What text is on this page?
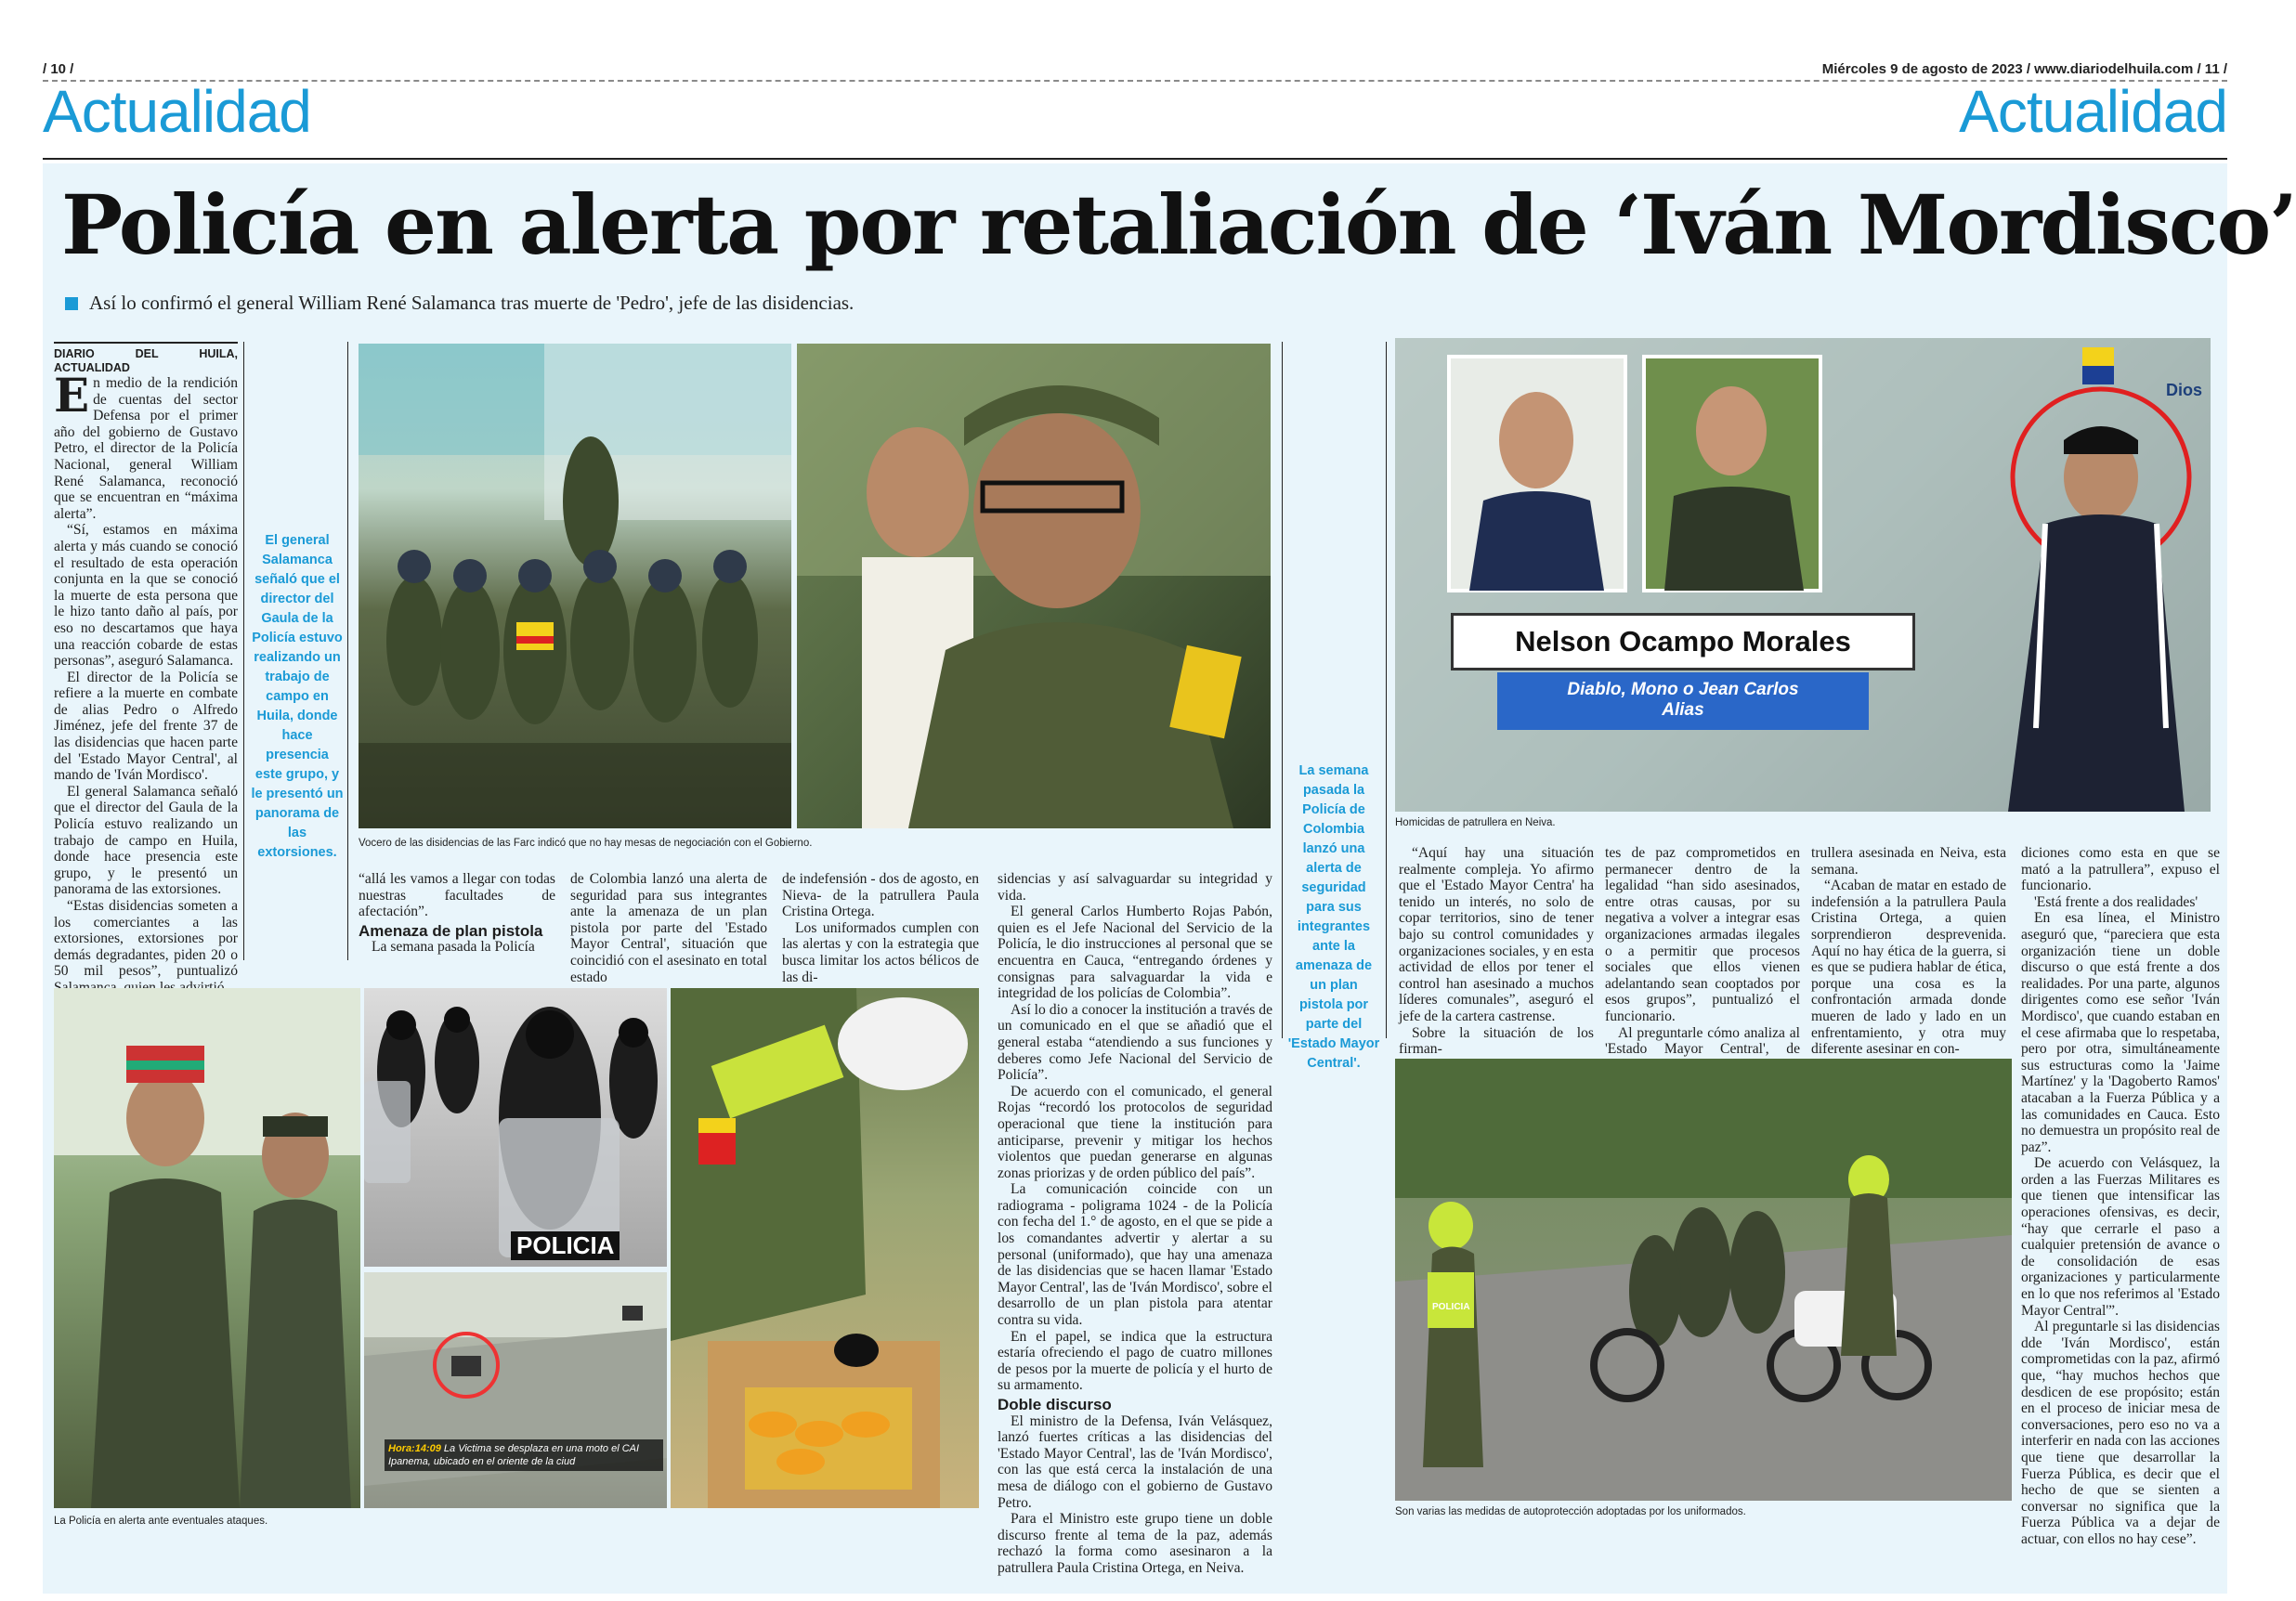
/ 10 /	Miércoles 9 de agosto de 2023 / www.diariodelhuila.com / 11 /
Actualidad	Actualidad
Policía en alerta por retaliación de ‘Iván Mordisco’
Así lo confirmó el general William René Salamanca tras muerte de 'Pedro', jefe de las disidencias.
DIARIO DEL HUILA, ACTUALIDAD

En medio de la rendición de cuentas del sector Defensa por el primer año del gobierno de Gustavo Petro, el director de la Policía Nacional, general William René Salamanca, reconoció que se encuentran en “máxima alerta”.

“Sí, estamos en máxima alerta y más cuando se conoció el resultado de esta operación conjunta en la que se conoció la muerte de esta persona que le hizo tanto daño al país, por eso no descartamos que haya una reacción cobarde de estas personas”, aseguró Salamanca.

El director de la Policía se refiere a la muerte en combate de alias Pedro o Alfredo Jiménez, jefe del frente 37 de las disidencias que hacen parte del 'Estado Mayor Central', al mando de 'Iván Mordisco'.

El general Salamanca señaló que el director del Gaula de la Policía estuvo realizando un trabajo de campo en Huila, donde hace presencia este grupo, y le presentó un panorama de las extorsiones.

“Estas disidencias someten a los comerciantes a las extorsiones, extorsiones por demás degradantes, piden 20 o 50 mil pesos”, puntualizó

El general Salamanca señaló que el director del Gaula de la Policía estuvo realizando un trabajo de campo en Huila, donde hace presencia este grupo, y le presentó un panorama de las extorsiones.
Vocero de las disidencias de las Farc indicó que no hay mesas de negociación con el Gobierno.

“allá les vamos a llegar con todas nuestras facultades de afectación”.

Amenaza de plan pistola

La semana pasada la Policía

de Colombia lanzó una alerta de seguridad para sus integrantes ante la amenaza de un plan pistola por parte del 'Estado Mayor Central', situación que coincidió con el asesinato en total estado

de indefensión - dos de agosto, en Nieva- de la patrullera Paula Cristina Ortega.

Los uniformados cumplen con las alertas y con la estrategia que busca limitar los actos bélicos de las di-

POLICIA
Hora:14:09 La Victima se desplaza en una moto el CAI Ipanema, ubicado en el oriente de la ciud
La Policía en alerta ante eventuales ataques.

sidencias y así salvaguardar su integridad y vida.

El general Carlos Humberto Rojas Pabón, quien es el Jefe Nacional del Servicio de la Policía, le dio instrucciones al personal que se encuentra en Cauca, “entregando órdenes y consignas para salvaguardar la vida e integridad de los policías de Colombia”.

Así lo dio a conocer la institución a través de un comunicado en el que se añadió que el general estaba “atendiendo a sus funciones y deberes como Jefe Nacional del Servicio de Policía”.

De acuerdo con el comunicado, el general Rojas “recordó los protocolos de seguridad operacional que tiene la institución para anticiparse, prevenir y mitigar los hechos violentos que puedan generarse en algunas zonas priorizas y de orden público del país”.

La comunicación coincide con un radiograma - poligrama 1024 - de la Policía con fecha del 1.° de agosto, en el que se pide a los comandantes advertir y alertar a su personal (uniformado), que hay una amenaza de las disidencias que se hacen llamar 'Estado Mayor Central', las de 'Iván Mordisco', sobre el desarrollo de un plan pistola para atentar contra su vida.

En el papel, se indica que la estructura estaría ofreciendo el pago de cuatro millones de pesos por la muerte de policía y el hurto de su armamento.

Doble discurso

El ministro de la Defensa, Iván Velásquez, lanzó fuertes críticas a las disidencias del 'Estado Mayor Central', las de 'Iván Mordisco', con las que está cerca la instalación de una mesa de diálogo con el gobierno de Gustavo Petro.

Para el Ministro este grupo tiene un doble discurso frente al tema de la paz, además rechazó la forma como asesinaron a la patrullera Paula Cristina Ortega, en Neiva.

La semana pasada la Policía de Colombia lanzó una alerta de seguridad para sus integrantes ante la amenaza de un plan pistola por parte del 'Estado Mayor Central'.
Nelson Ocampo Morales
Diablo, Mono o Jean Carlos
Alias
Dios
Homicidas de patrullera en Neiva.

“Aquí hay una situación realmente compleja. Yo afirmo que el 'Estado Mayor Centra' ha tenido un interés, no solo de copar territorios, sino de tener bajo su control comunidades y organizaciones sociales, y en esta actividad de ellos por tener el control han asesinado a muchos líderes comunales”, aseguró el jefe de la cartera castrense.

Sobre la situación de los firman-

tes de paz comprometidos en permanecer dentro de la legalidad “han sido asesinados, entre otras causas, por su negativa a volver a integrar esas organizaciones armadas ilegales o a permitir que procesos sociales que ellos vienen adelantando sean cooptados por esos grupos”, puntualizó el funcionario.

Al preguntarle cómo analiza al 'Estado Mayor Central', de

trullera asesinada en Neiva, esta semana.

“Acaban de matar en estado de indefensión a la patrullera Paula Cristina Ortega, a quien sorprendieron desprevenida. Aquí no hay ética de la guerra, si es que se pudiera hablar de ética, porque una cosa es la confrontación armada donde mueren de lado y lado en un enfrentamiento, y otra muy diferente asesinar en con-

diciones como esta en que se mató a la patrullera”, expuso el funcionario.

'Está frente a dos realidades'

En esa línea, el Ministro aseguró que, “pareciera que esta organización tiene un doble discurso o que está frente a dos realidades. Por una parte, algunos dirigentes como ese señor 'Iván Mordisco', que cuando estaban en el cese afirmaba que lo respetaba, pero por otra, simultáneamente sus estructuras como la 'Jaime Martínez' y la 'Dagoberto Ramos' atacaban a la Fuerza Pública y a las comunidades en Cauca. Esto no demuestra un propósito real de paz”.

De acuerdo con Velásquez, la orden a las Fuerzas Militares es que tienen que intensificar las operaciones ofensivas, es decir, “hay que cerrarle el paso a cualquier pretensión de avance o de consolidación de esas organizaciones y particularmente en lo que nos referimos al 'Estado Mayor Central'”.

Al preguntarle si las disidencias dde 'Iván Mordisco', están comprometidas con la paz, afirmó que, “hay muchos hechos que desdicen de ese propósito; están en el proceso de iniciar mesa de conversaciones, pero eso no va a interferir en nada con las acciones que tiene que desarrollar la Fuerza Pública, es decir que el hecho de que se sienten a conversar no significa que la Fuerza Pública va a dejar de actuar, con ellos no hay cese”.

POLICIA
Son varias las medidas de autoprotección adoptadas por los uniformados.
